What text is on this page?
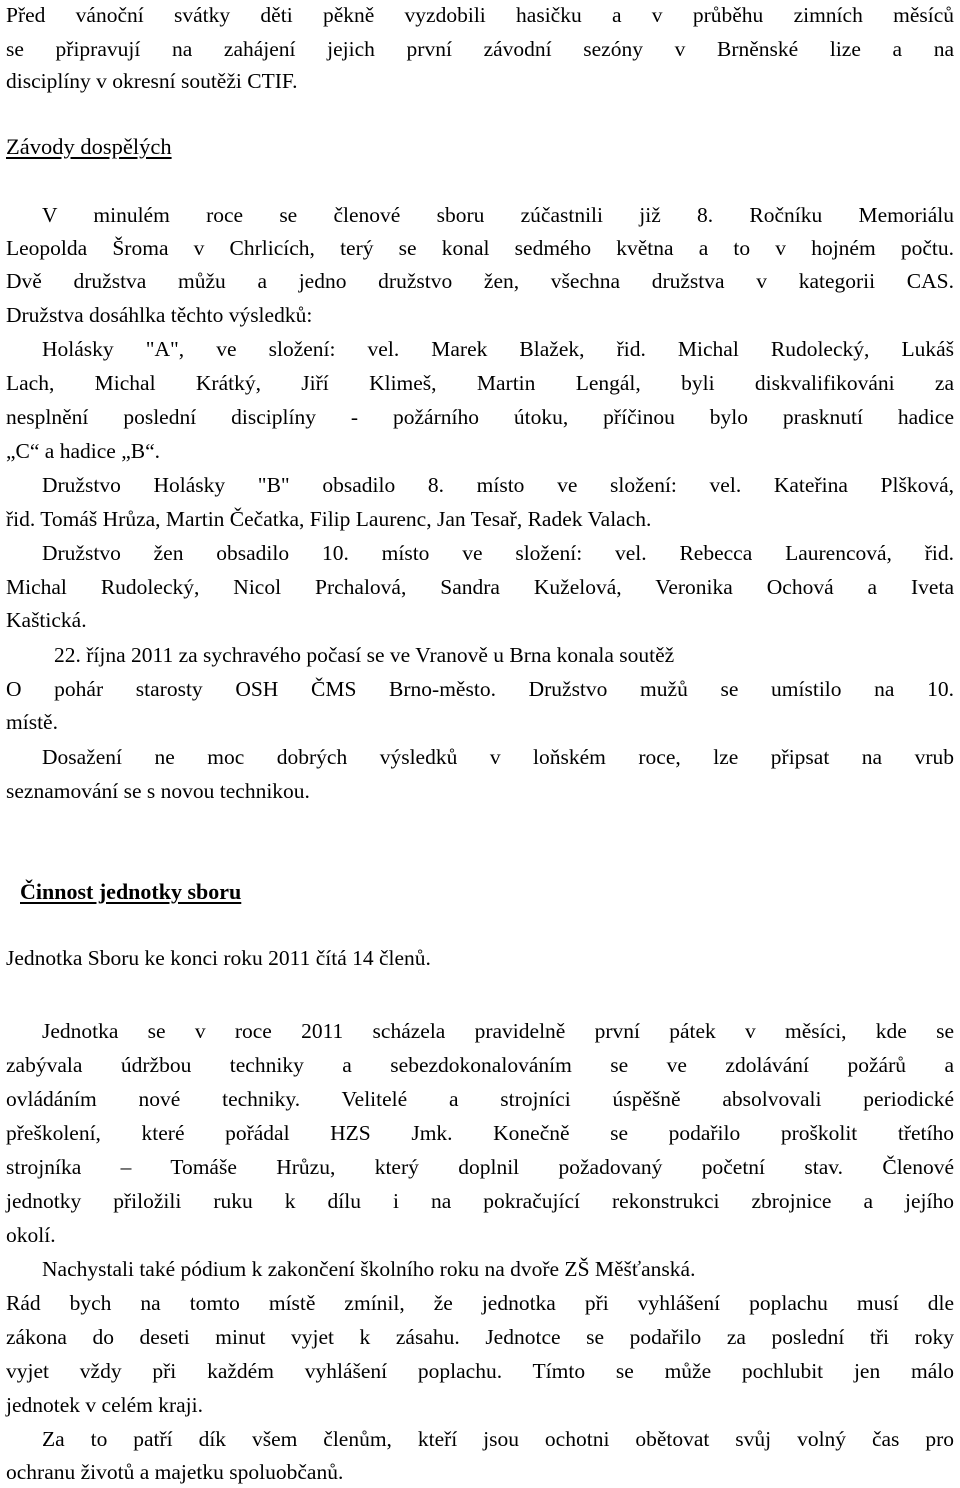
Před vánoční svátky děti pěkně vyzdobili hasičku a v průběhu zimních měsíců
se připravují na zahájení jejich první závodní sezóny v Brněnské lize a na
disciplíny v okresní soutěži CTIF.
Závody dospělých
V minulém roce se členové sboru zúčastnili již 8. Ročníku Memoriálu
Leopolda Šroma v Chrlicích, terý se konal sedmého května a to v hojném počtu.
Dvě družstva můžu a jedno družstvo žen, všechna družstva v kategorii CAS.
Družstva dosáhlka těchto výsledků:
Holásky "A", ve složení: vel. Marek Blažek, řid. Michal Rudolecký, Lukáš
Lach, Michal Krátký, Jiří Klimeš, Martin Lengál, byli diskvalifikováni za
nesplnění poslední disciplíny - požárního útoku, příčinou bylo prasknutí hadice
„C“ a hadice „B“.
Družstvo Holásky "B" obsadilo 8. místo ve složení: vel. Kateřina Plšková,
řid. Tomáš Hrůza, Martin Čečatka, Filip Laurenc, Jan Tesař, Radek Valach.
Družstvo žen obsadilo 10. místo ve složení: vel. Rebecca Laurencová, řid.
Michal Rudolecký, Nicol Prchalová, Sandra Kuželová, Veronika Ochová a Iveta
Kaštická.
22. října 2011 za sychravého počasí se ve Vranově u Brna konala soutěž
O pohár starosty OSH ČMS Brno-město. Družstvo mužů se umístilo na 10.
místě.
Dosažení ne moc dobrých výsledků v loňském roce, lze připsat na vrub
seznamování se s novou technikou.
Činnost jednotky sboru
Jednotka Sboru ke konci roku 2011 čítá 14 členů.
Jednotka se v roce 2011 scházela pravidelně první pátek v měsíci, kde se
zabývala údržbou techniky a sebezdokonalováním se ve zdolávání požárů a
ovládáním nové techniky. Velitelé a strojníci úspěšně absolvovali periodické
přeškolení, které pořádal HZS Jmk. Konečně se podařilo proškolit třetího
strojníka – Tomáše Hrůzu, který doplnil požadovaný početní stav. Členové
jednotky přiložili ruku k dílu i na pokračující rekonstrukci zbrojnice a jejího
okolí.
Nachystali také pódium k zakončení školního roku na dvoře ZŠ Měšťanská.
Rád bych na tomto místě zmínil, že jednotka při vyhlášení poplachu musí dle
zákona do deseti minut vyjet k zásahu. Jednotce se podařilo za poslední tři roky
vyjet vždy při každém vyhlášení poplachu. Tímto se může pochlubit jen málo
jednotek v celém kraji.
Za to patří dík všem členům, kteří jsou ochotni obětovat svůj volný čas pro
ochranu životů a majetku spoluobčanů.
